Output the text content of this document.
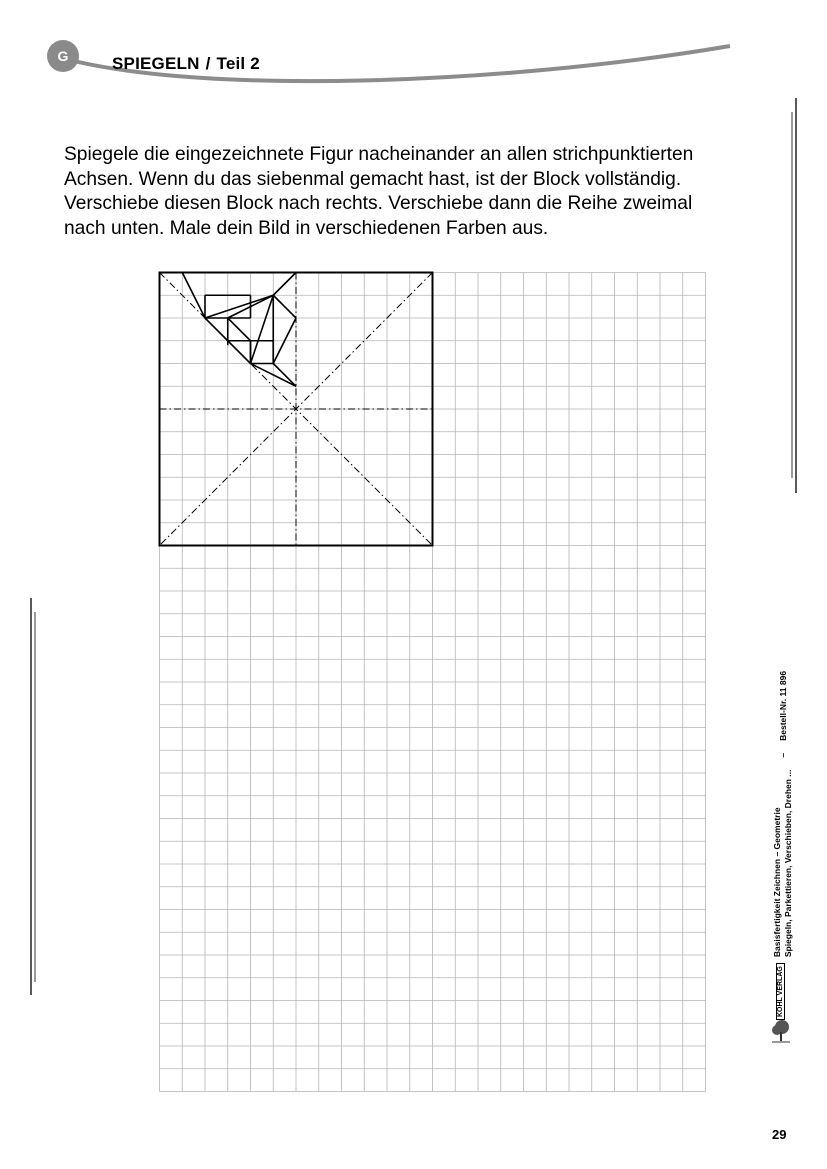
G	SPIEGELN / Teil 2
Spiegele die eingezeichnete Figur nacheinander an allen strichpunktierten
Achsen. Wenn du das siebenmal gemacht hast, ist der Block vollständig.
Verschiebe diesen Block nach rechts. Verschiebe dann die Reihe zweimal
nach unten. Male dein Bild in verschiedenen Farben aus.
KOHL VERLAG
Basisfertigkeit Zeichnen – Geometrie Spiegeln, Parkettieren, Verschieben, Drehen ...
–
Bestell-Nr. 11 896
29
